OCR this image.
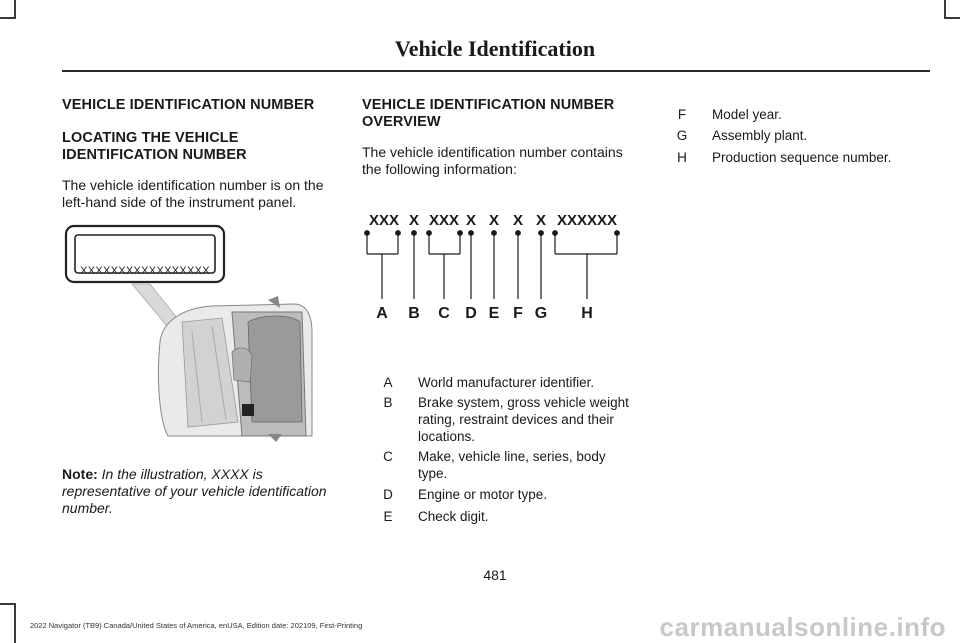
Vehicle Identification

VEHICLE IDENTIFICATION NUMBER

LOCATING THE VEHICLE

IDENTIFICATION NUMBER

The vehicle identification number is on the

left-hand side of the instrument panel.

XXXXXXXXXXXXXXXXX
Note: In the illustration, XXXX is
representative of your vehicle identification
number.

VEHICLE IDENTIFICATION NUMBER

OVERVIEW

The vehicle identification number contains

the following information:

XXX X XXX X X X X XXXXXX
A B C D E F G H
A	World manufacturer identifier.
B	Brake system, gross vehicle weight
rating, restraint devices and their
locations.
C	Make, vehicle line, series, body
type.
D	Engine or motor type.
E	Check digit.
F	Model year.
G	Assembly plant.
H	Production sequence number.
481
2022 Navigator (TB9) Canada/United States of America, enUSA, Edition date: 202109, First-Printing	carmanualsonline.info
